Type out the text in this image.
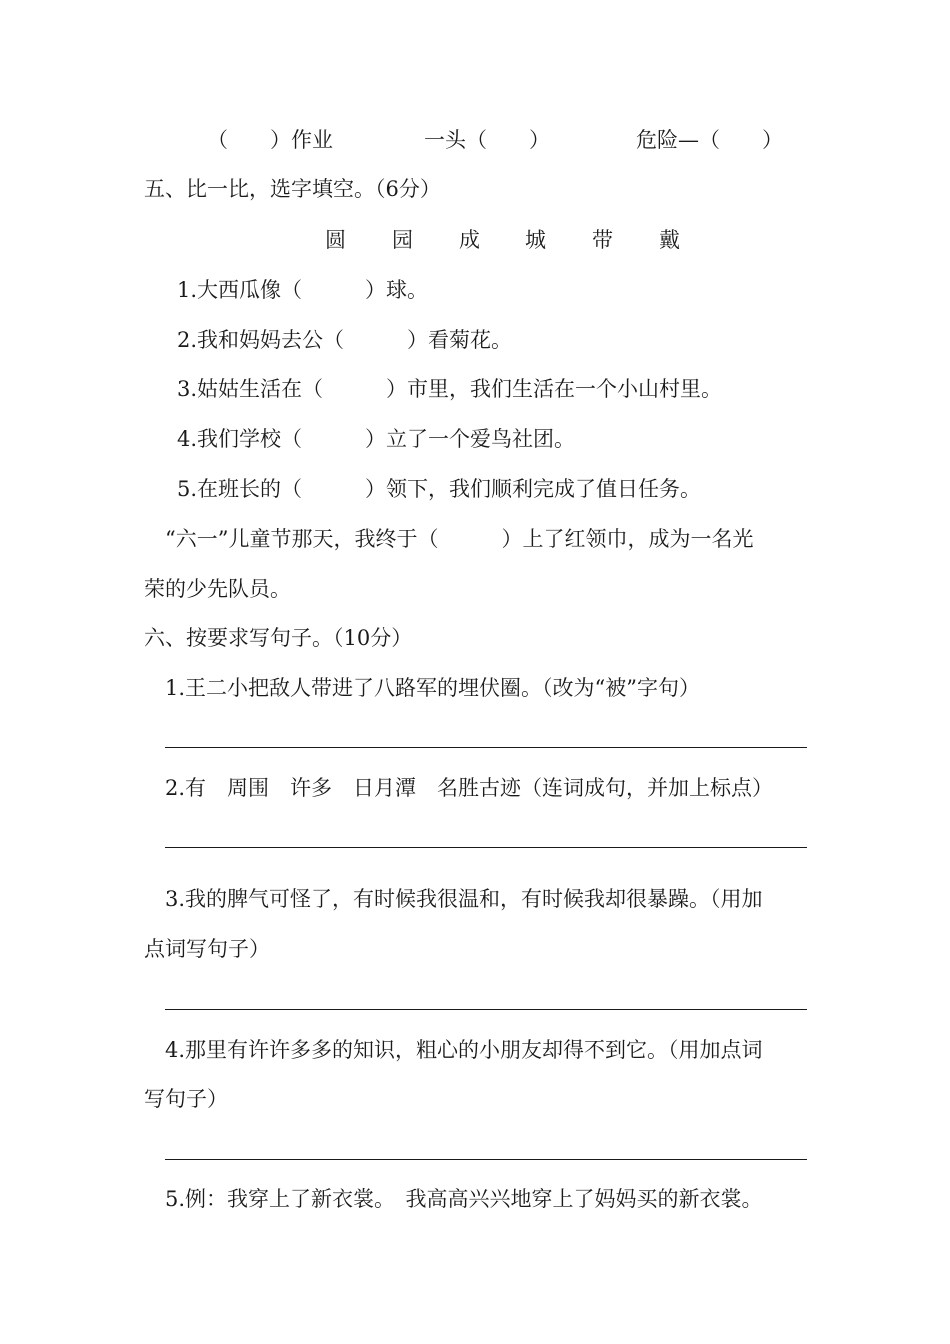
（　　）作业	一头（　　）	危险—（　　）
五、比一比，选字填空。（6分）
圆 园 成 城 带 戴
1.大西瓜像（　　　）球。
2.我和妈妈去公（　　　）看菊花。
3.姑姑生活在（　　　）市里，我们生活在一个小山村里。
4.我们学校（　　　）立了一个爱鸟社团。
5.在班长的（　　　）领下，我们顺利完成了值日任务。
“六一”儿童节那天，我终于（　　　）上了红领巾，成为一名光
荣的少先队员。
六、按要求写句子。（10分）
1.王二小把敌人带进了八路军的埋伏圈。（改为“被”字句）
2.有　周围　许多　日月潭　名胜古迹（连词成句，并加上标点）
3.我的脾气可怪了，有时候我很温和，有时候我却很暴躁。（用加
点词写句子）
4.那里有许许多多的知识，粗心的小朋友却得不到它。（用加点词
写句子）
5.例：我穿上了新衣裳。　我高高兴兴地穿上了妈妈买的新衣裳。
